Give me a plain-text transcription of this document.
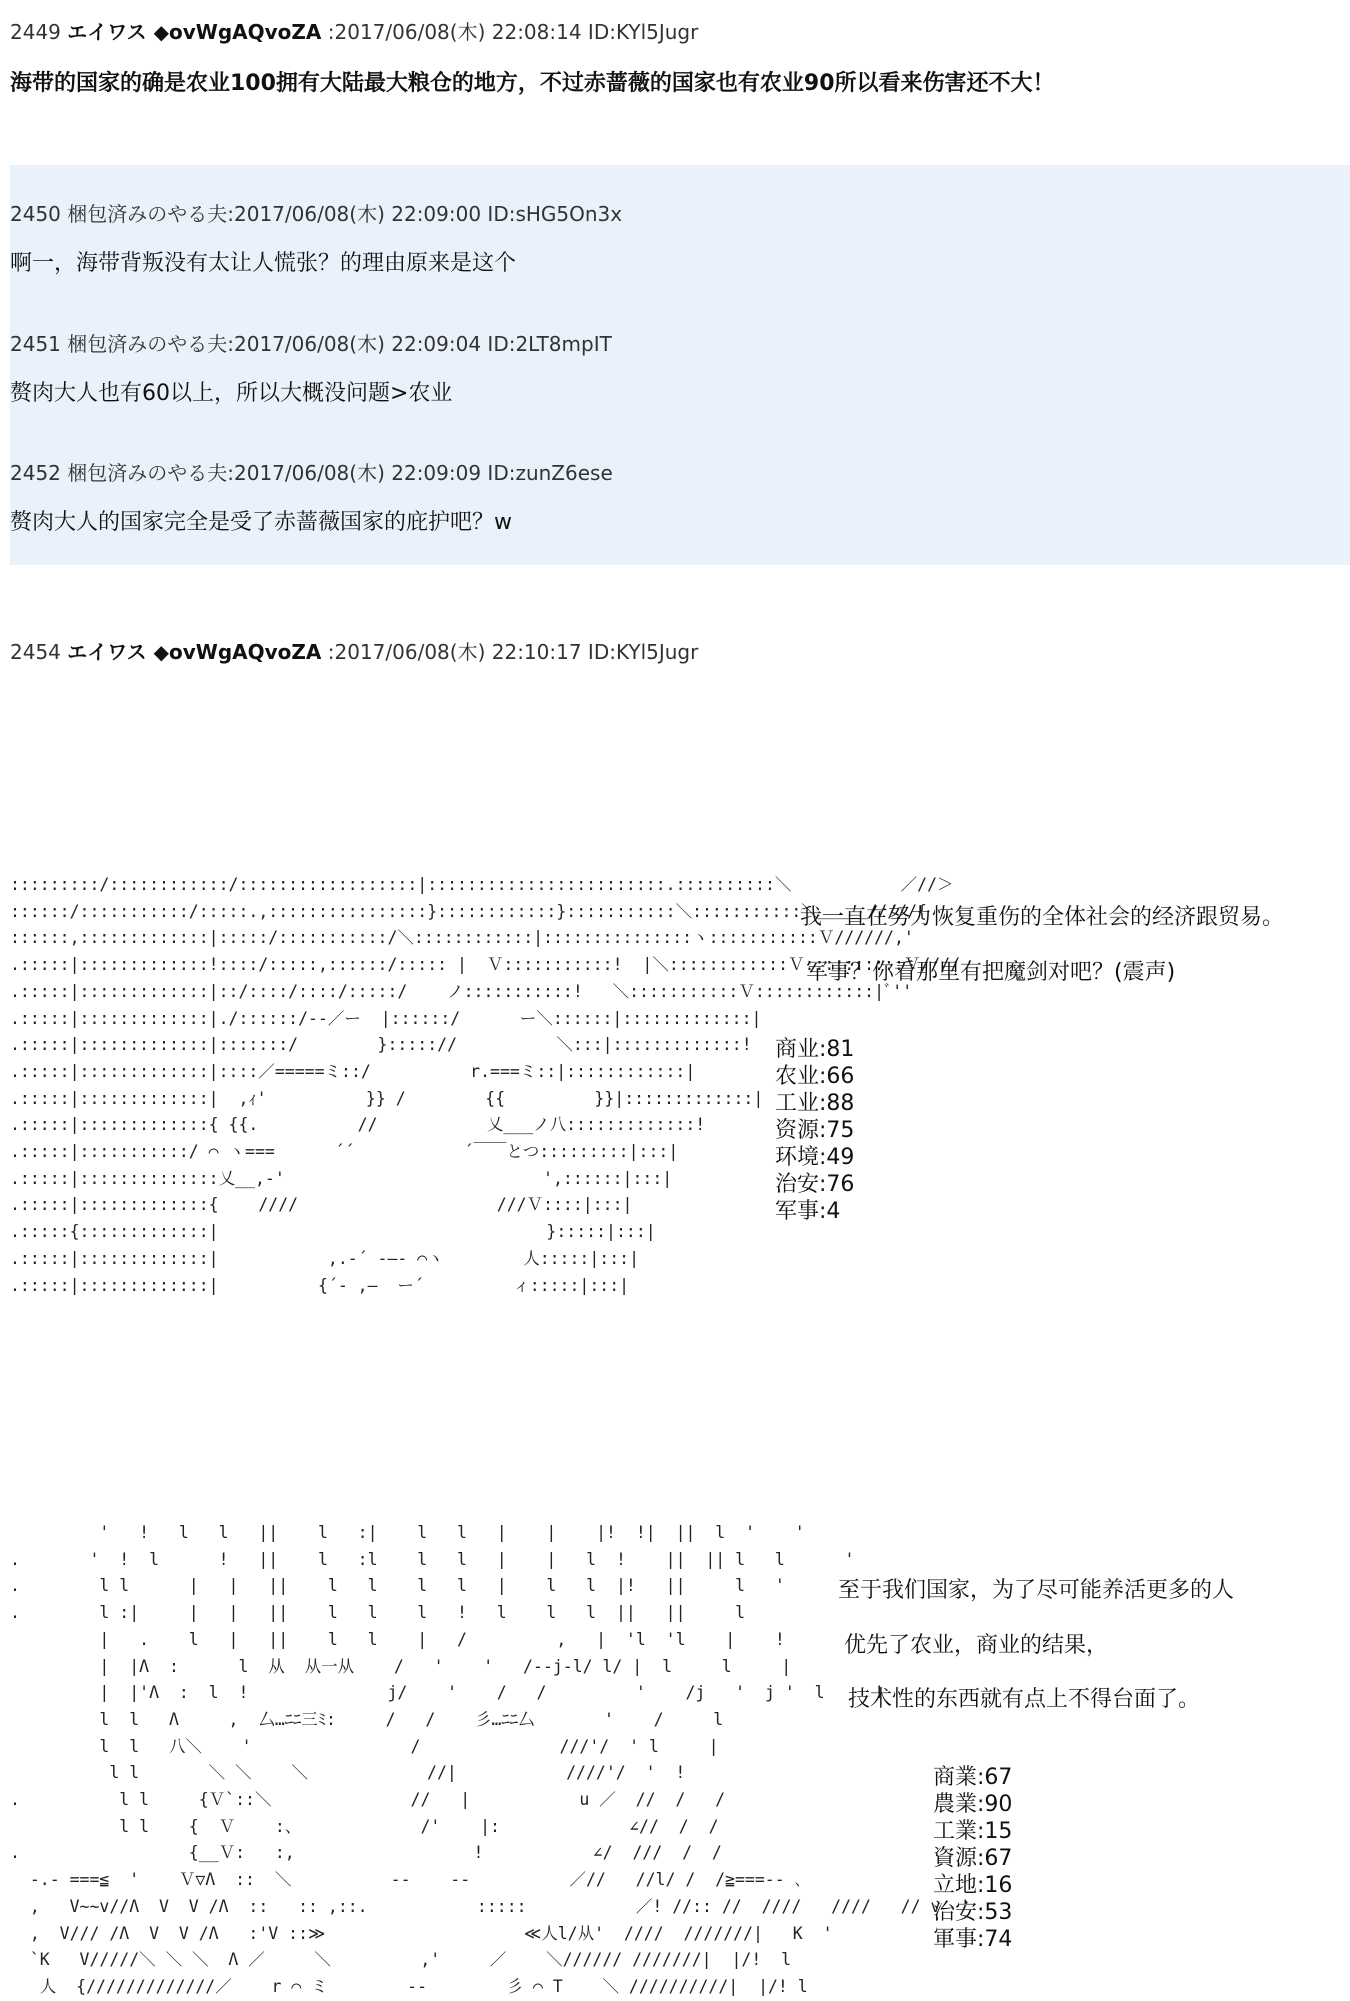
2449 エイワス ◆ovWgAQvoZA :2017/06/08(木) 22:08:14 ID:KYl5Jugr
海带的国家的确是农业100拥有大陆最大粮仓的地方，不过赤蔷薇的国家也有农业90所以看来伤害还不大！
2450 梱包済みのやる夫:2017/06/08(木) 22:09:00 ID:sHG5On3x
啊一，海带背叛没有太让人慌张？的理由原来是这个
2451 梱包済みのやる夫:2017/06/08(木) 22:09:04 ID:2LT8mpIT
赘肉大人也有60以上，所以大概没问题>农业
2452 梱包済みのやる夫:2017/06/08(木) 22:09:09 ID:zunZ6ese
赘肉大人的国家完全是受了赤蔷薇国家的庇护吧？w
2454 エイワス ◆ovWgAQvoZA :2017/06/08(木) 22:10:17 ID:KYl5Jugr
:::::::::/::::::::::::/::::::::::::::::::|::::::::::::::::::::::::.::::::::::＼           ／//＞
::::::/:::::::::::/:::::.,::::::::::::::::}::::::::::::}:::::::::::＼:::::::::::＼＿＿＿/////{
::::::,:::::::::::::|:::::/:::::::::::/＼::::::::::::|:::::::::::::::ヽ:::::::::::Ｖ//////,'
.:::::|:::::::::::::!::::/:::::,::::::/::::: |  Ｖ:::::::::::!  |＼::::::::::::Ｖ::::::::::Ｖ////
.:::::|:::::::::::::|::/::::/::::/:::::/    ノ:::::::::::!   ＼:::::::::::Ｖ::::::::::::|ﾞ''
.:::::|:::::::::::::|./::::::/--／ー  |::::::/      ー＼::::::|:::::::::::::|
.:::::|:::::::::::::|:::::::/        }::::://          ＼:::|:::::::::::::!
.:::::|:::::::::::::|::::／=====ミ::/          r.===ミ::|::::::::::::|
.:::::|:::::::::::::|  ,ｨ'          }} /        {{         }}|:::::::::::::|
.:::::|:::::::::::::{ {{.          //           乂___ノ八:::::::::::::!
.:::::|:::::::::::/ ⌒ ヽ===      ´´           ´￣￣とつ:::::::::|:::|
.:::::|::::::::::::::乂__,-'                          ',::::::|:::|
.:::::|:::::::::::::{    ////                    ///Ｖ::::|:::|
.:::::{:::::::::::::|                                 }:::::|:::|
.:::::|:::::::::::::|           ,.-´ -—- ⌒ヽ        人:::::|:::|
.:::::|:::::::::::::|          {´‐ ,—  ー´         ィ:::::|:::|
我一直在努力恢复重伤的全体社会的经济跟贸易。
军事？你看那里有把魔剑对吧？(震声)
商业:81
农业:66
工业:88
资源:75
环境:49
治安:76
军事:4
'   !   l   l   ||    l   :|    l   l   |    |    |!  !|  ||  l  '    '
.       '  !  l      !   ||    l   :l    l   l   |    |   l  !    ||  || l   l      '
.        l l      |   |   ||    l   l    l   l   |    l   l  |!   ||     l   '      ,
.        l :|     |   |   ||    l   l    l   !   l    l   l  ||   ||     l
|   .    l   |   ||    l   l    |   /         ,   |  'l  'l    |    !
|  |Λ  :      l  从  从一从    /   '    '   /--j-l/ l/ |  l     l     |
|  |'Λ  :  l  !              j/    '    /   /         '    /j   '  j '  l     !
l  l   Λ     ,  厶…ﾆﾆ三ﾐ:     /   /    彡…ﾆﾆ厶       '    /     l
l  l   八＼    '                /              ///'/  ' l     |
l l       ＼ ＼    ＼            //|           ////'/  '  !
.          l l     {Ｖ`::＼              //   |           u ／  //  /   /
l l    {  Ｖ    :、            /'    |:             ∠//  /  /
.                 {__Ｖ:   :,                  !           ∠/  ///  /  /
-.- ===≦  '    Ｖ▽Λ  ::  ＼          --    --          ／//   //l/ /  /≧===-- ､
,   V~~v//Λ  V  V /Λ  ::   :: ,::.           :::::           ／! //:: //  ////   ////   // v  '
,  V/// /Λ  V  V /Λ   :'V ::≫                    ≪人l/从'  ////  ///////|   K  '
`K   V/////＼ ＼ ＼  Λ ／     ＼         ,'     ／    ＼////// ///////|  |/!  l
人  {/////////////／    r ⌒ ミ        --        彡 ⌒ T    ＼ //////////|  |/! l
至于我们国家，为了尽可能养活更多的人
优先了农业，商业的结果，
技术性的东西就有点上不得台面了。
商業:67
農業:90
工業:15
資源:67
立地:16
治安:53
軍事:74
